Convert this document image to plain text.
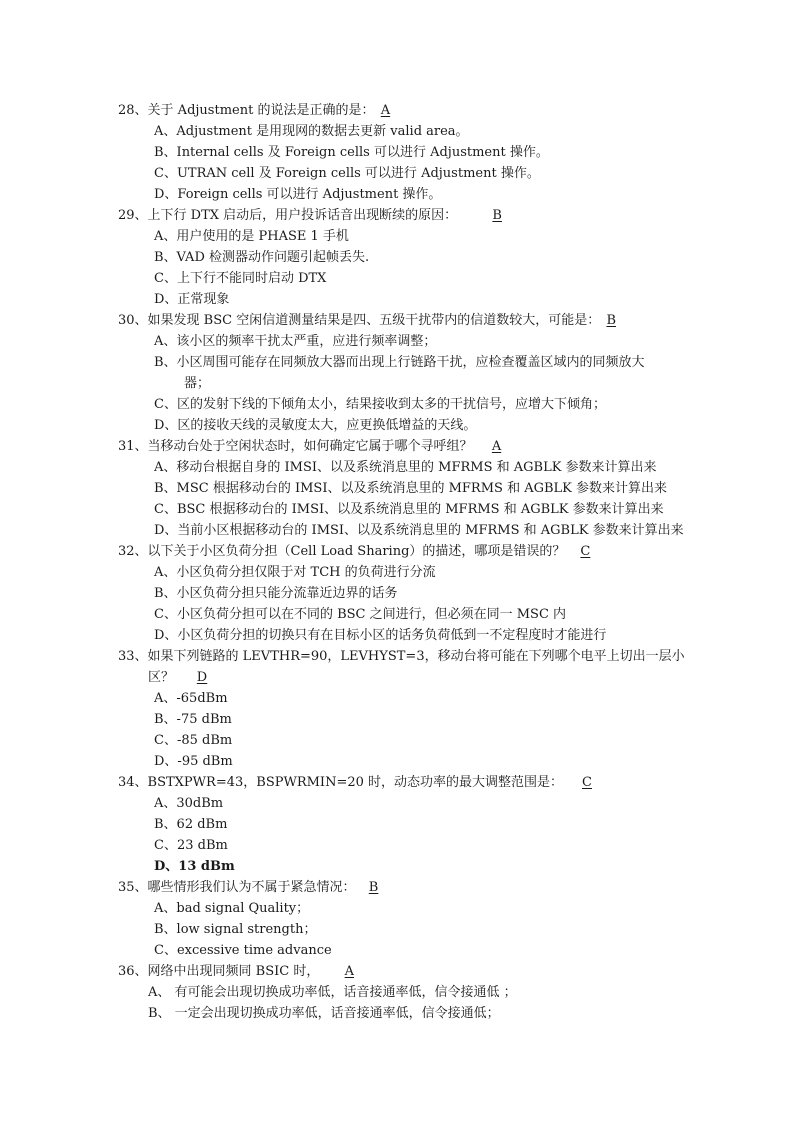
28、关于 Adjustment 的说法是正确的是： A
A、Adjustment 是用现网的数据去更新 valid area。
B、Internal cells 及 Foreign cells 可以进行 Adjustment 操作。
C、UTRAN cell 及 Foreign cells 可以进行 Adjustment 操作。
D、Foreign cells 可以进行 Adjustment 操作。
29、上下行 DTX 启动后，用户投诉话音出现断续的原因：	B
A、用户使用的是 PHASE 1 手机
B、VAD 检测器动作问题引起帧丢失.
C、上下行不能同时启动 DTX
D、正常现象
30、如果发现 BSC 空闲信道测量结果是四、五级干扰带内的信道数较大，可能是： B
A、该小区的频率干扰太严重，应进行频率调整；
B、小区周围可能存在同频放大器而出现上行链路干扰，应检查覆盖区域内的同频放大
器；
C、区的发射下线的下倾角太小，结果接收到太多的干扰信号，应增大下倾角；
D、区的接收天线的灵敏度太大，应更换低增益的天线。
31、当移动台处于空闲状态时，如何确定它属于哪个寻呼组？ A
A、移动台根据自身的 IMSI、以及系统消息里的 MFRMS 和 AGBLK 参数来计算出来
B、MSC 根据移动台的 IMSI、以及系统消息里的 MFRMS 和 AGBLK 参数来计算出来
C、BSC 根据移动台的 IMSI、以及系统消息里的 MFRMS 和 AGBLK 参数来计算出来
D、当前小区根据移动台的 IMSI、以及系统消息里的 MFRMS 和 AGBLK 参数来计算出来
32、以下关于小区负荷分担（Cell Load Sharing）的描述，哪项是错误的？ C
A、小区负荷分担仅限于对 TCH 的负荷进行分流
B、小区负荷分担只能分流靠近边界的话务
C、小区负荷分担可以在不同的 BSC 之间进行，但必须在同一 MSC 内
D、小区负荷分担的切换只有在目标小区的话务负荷低到一不定程度时才能进行
33、如果下列链路的 LEVTHR=90，LEVHYST=3，移动台将可能在下列哪个电平上切出一层小
区？ D
A、-65dBm
B、-75 dBm
C、-85 dBm
D、-95 dBm
34、BSTXPWR=43，BSPWRMIN=20 时，动态功率的最大调整范围是： C
A、30dBm
B、62 dBm
C、23 dBm
D、13 dBm
35、哪些情形我们认为不属于紧急情况： B
A、bad signal Quality；
B、low signal strength；
C、excessive time advance
36、网络中出现同频同 BSIC 时， A
A、 有可能会出现切换成功率低，话音接通率低，信令接通低 ；
B、 一定会出现切换成功率低，话音接通率低，信令接通低；
